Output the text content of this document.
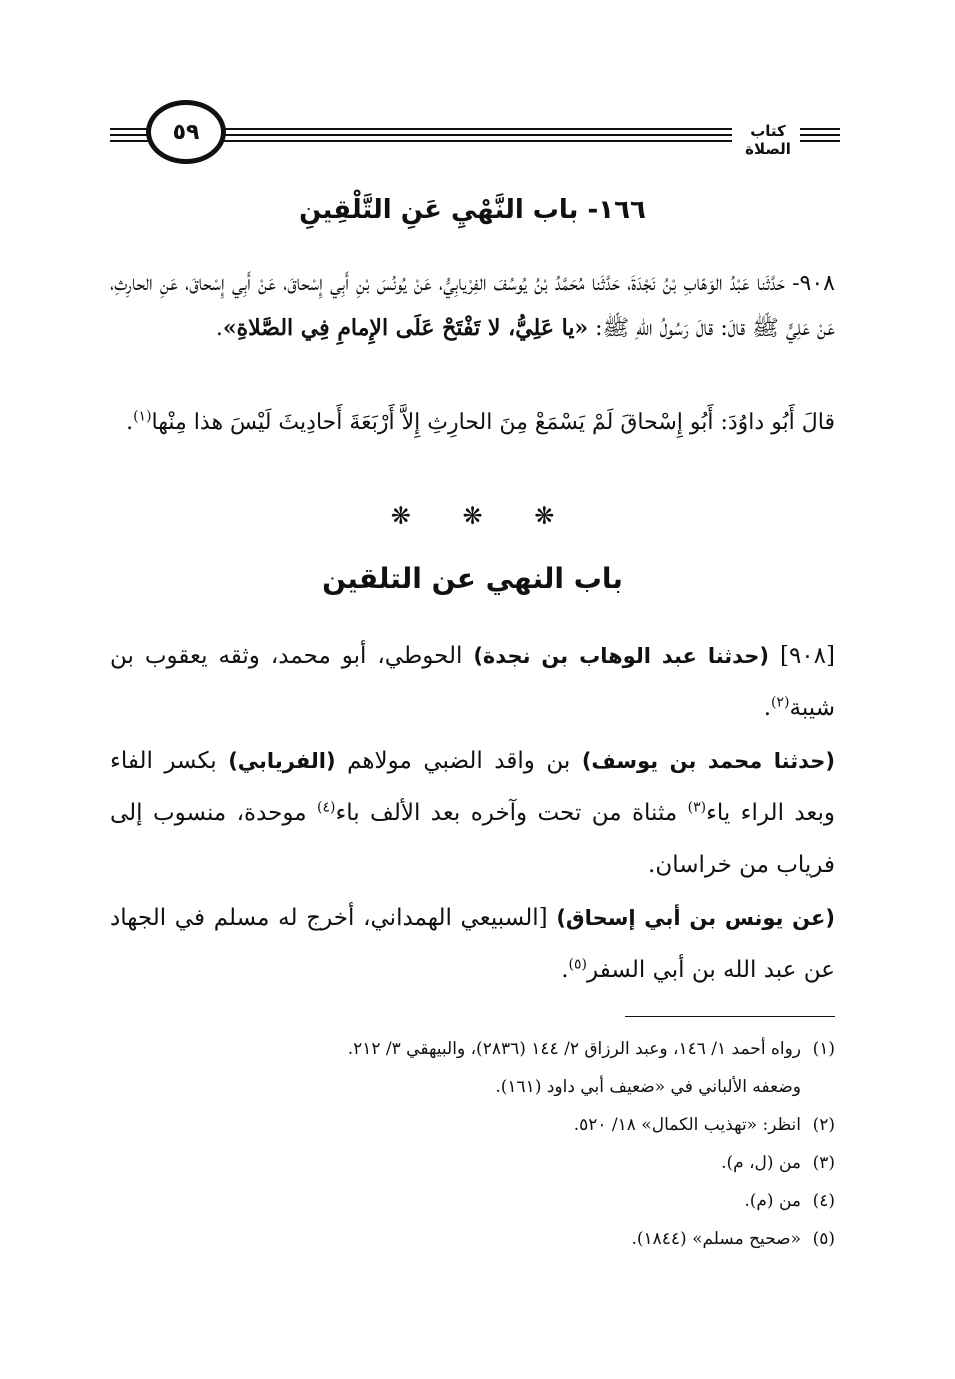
٥٩	كتاب الصلاة
١٦٦- باب النَّهْيِ عَنِ التَّلْقِينِ
٩٠٨- حَدَّثَنا عَبْدُ الوَهّابِ بْنُ نَجْدَةَ، حَدَّثَنا مُحَمَّدُ بْنُ يُوسُفَ الفِرْيابِيُّ، عَنْ يُونُسَ بْنِ أَبِي إِسْحاقَ، عَنْ أَبِي إِسْحاقَ، عَنِ الحارِثِ، عَنْ عَلِيٍّ ﷺ قالَ: قالَ رَسُولُ اللهِ ﷺ: «يا عَلِيُّ، لا تَفْتَحْ عَلَى الإِمامِ فِي الصَّلاةِ».
قالَ أَبُو داوُدَ: أَبُو إِسْحاقَ لَمْ يَسْمَعْ مِنَ الحارِثِ إِلاَّ أَرْبَعَةَ أَحادِيثَ لَيْسَ هذا مِنْها$^{(١)}$.
❋ ❋ ❋
باب النهي عن التلقين
[٩٠٨] (حدثنا عبد الوهاب بن نجدة) الحوطي، أبو محمد، وثقه يعقوب بن شيبة$^{(٢)}$.
(حدثنا محمد بن يوسف) بن واقد الضبي مولاهم (الفريابي) بكسر الفاء وبعد الراء ياء$^{(٣)}$ مثناة من تحت وآخره بعد الألف باء$^{(٤)}$ موحدة، منسوب إلى فرياب من خراسان.
(عن يونس بن أبي إسحاق) [السبيعي الهمداني، أخرج له مسلم في الجهاد عن عبد الله بن أبي السفر$^{(٥)}$.
(١)رواه أحمد ١/ ١٤٦، وعبد الرزاق ٢/ ١٤٤ (٢٨٣٦)، والبيهقي ٣/ ٢١٢.
وضعفه الألباني في «ضعيف أبي داود (١٦١).
(٢)انظر: «تهذيب الكمال» ١٨/ ٥٢٠.
(٣)من (ل، م).
(٤)من (م).
(٥)«صحيح مسلم» (١٨٤٤).
